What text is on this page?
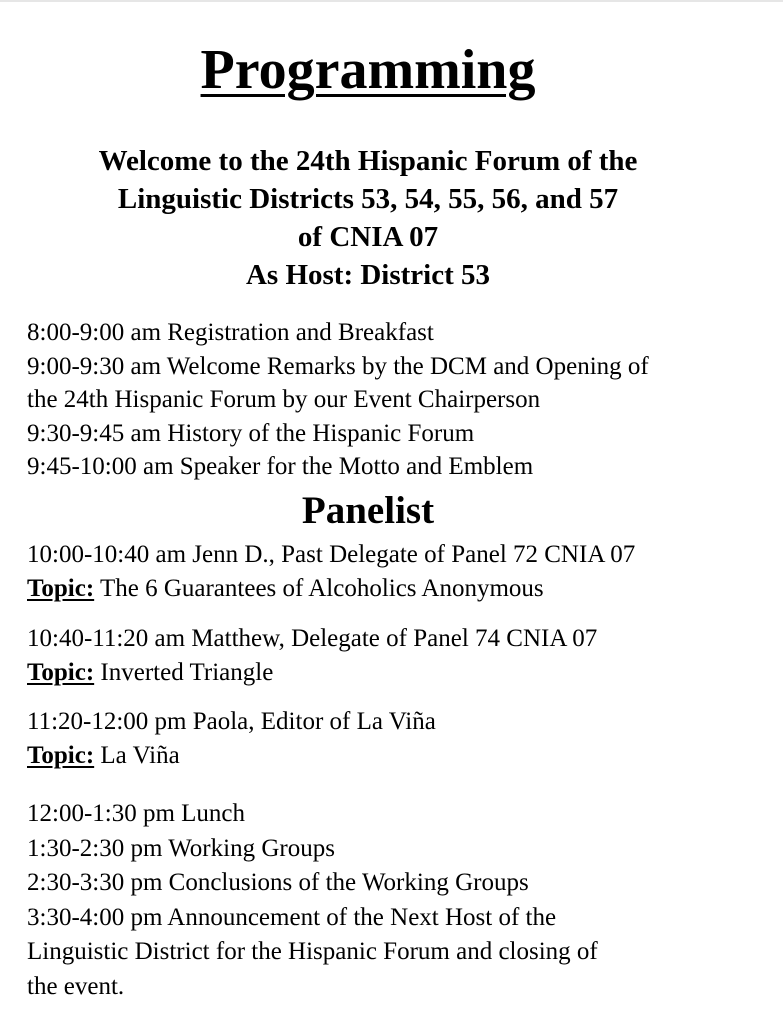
Programming
Welcome to the 24th Hispanic Forum of the
Linguistic Districts 53, 54, 55, 56, and 57
of CNIA 07
As Host: District 53
8:00-9:00 am Registration and Breakfast
9:00-9:30 am Welcome Remarks by the DCM and Opening of
the 24th Hispanic Forum by our Event Chairperson
9:30-9:45 am History of the Hispanic Forum
9:45-10:00 am Speaker for the Motto and Emblem
Panelist
10:00-10:40 am Jenn D., Past Delegate of Panel 72 CNIA 07
Topic: The 6 Guarantees of Alcoholics Anonymous
10:40-11:20 am Matthew, Delegate of Panel 74 CNIA 07
Topic: Inverted Triangle
11:20-12:00 pm Paola, Editor of La Viña
Topic: La Viña
12:00-1:30 pm Lunch
1:30-2:30 pm Working Groups
2:30-3:30 pm Conclusions of the Working Groups
3:30-4:00 pm Announcement of the Next Host of the
Linguistic District for the Hispanic Forum and closing of
the event.
